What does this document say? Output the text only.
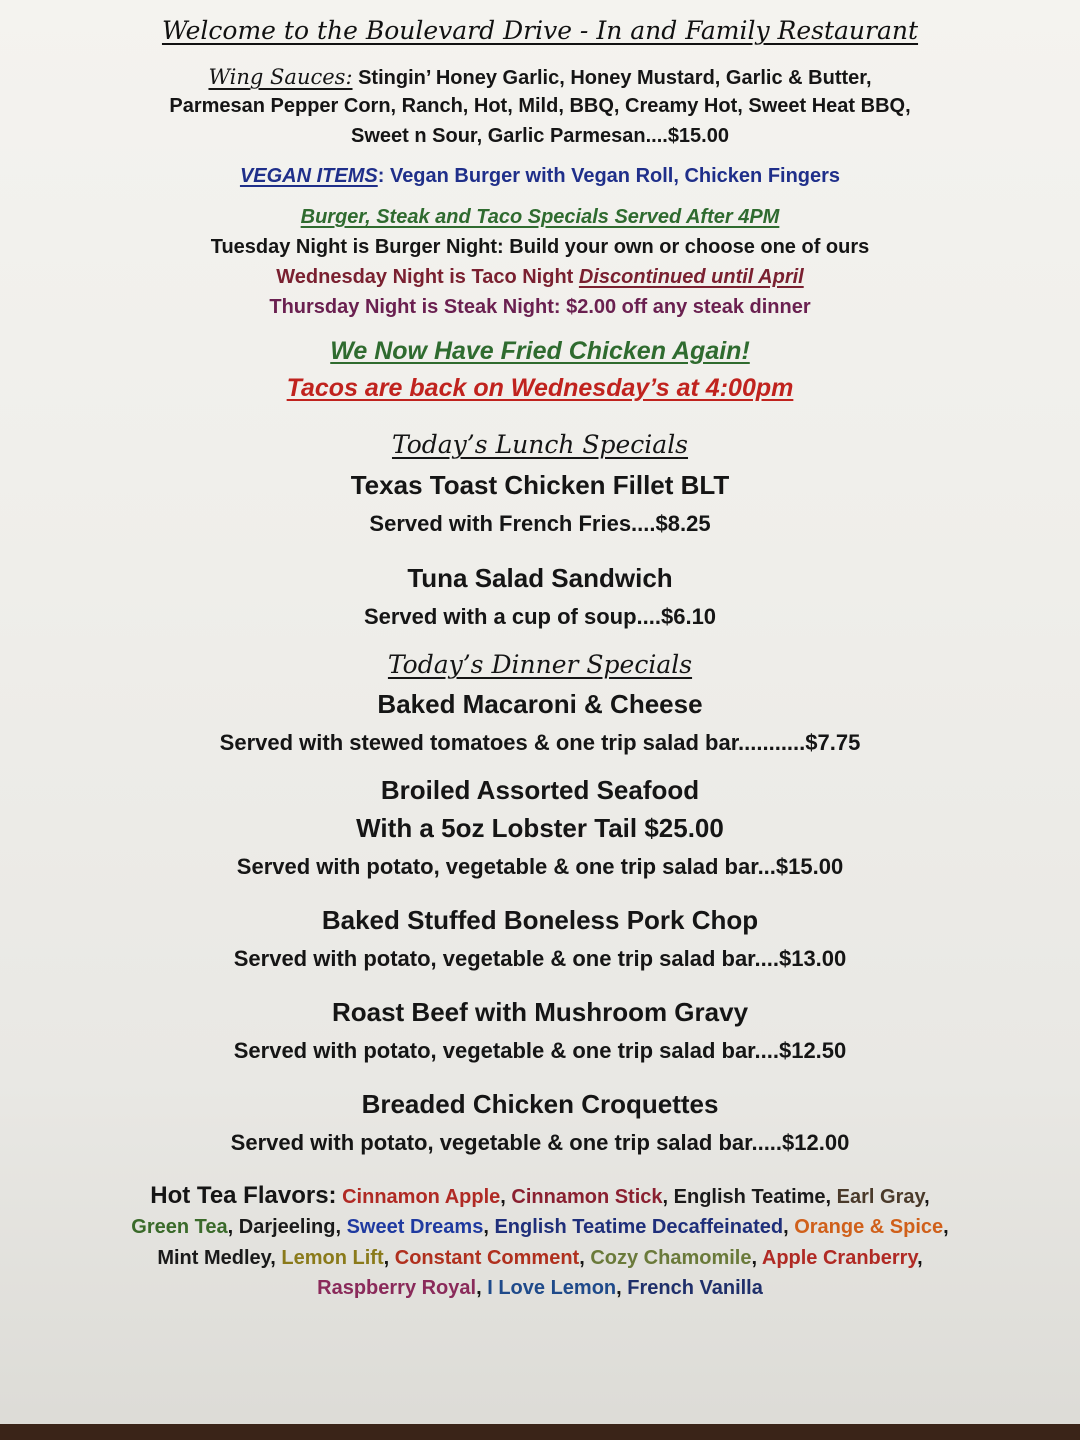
Welcome to the Boulevard Drive - In and Family Restaurant
Wing Sauces: Stingin’ Honey Garlic, Honey Mustard, Garlic & Butter,
Parmesan Pepper Corn, Ranch, Hot, Mild, BBQ, Creamy Hot, Sweet Heat BBQ,
Sweet n Sour, Garlic Parmesan....$15.00
VEGAN ITEMS: Vegan Burger with Vegan Roll, Chicken Fingers
Burger, Steak and Taco Specials Served After 4PM
Tuesday Night is Burger Night: Build your own or choose one of ours
Wednesday Night is Taco Night Discontinued until April
Thursday Night is Steak Night: $2.00 off any steak dinner
We Now Have Fried Chicken Again!
Tacos are back on Wednesday’s at 4:00pm
Today’s Lunch Specials
Texas Toast Chicken Fillet BLT
Served with French Fries....$8.25
Tuna Salad Sandwich
Served with a cup of soup....$6.10
Today’s Dinner Specials
Baked Macaroni & Cheese
Served with stewed tomatoes & one trip salad bar...........$7.75
Broiled Assorted Seafood
With a 5oz Lobster Tail $25.00
Served with potato, vegetable & one trip salad bar...$15.00
Baked Stuffed Boneless Pork Chop
Served with potato, vegetable & one trip salad bar....$13.00
Roast Beef with Mushroom Gravy
Served with potato, vegetable & one trip salad bar....$12.50
Breaded Chicken Croquettes
Served with potato, vegetable & one trip salad bar.....$12.00
Hot Tea Flavors: Cinnamon Apple, Cinnamon Stick, English Teatime, Earl Gray,
Green Tea, Darjeeling, Sweet Dreams, English Teatime Decaffeinated, Orange & Spice,
Mint Medley, Lemon Lift, Constant Comment, Cozy Chamomile, Apple Cranberry,
Raspberry Royal, I Love Lemon, French Vanilla
